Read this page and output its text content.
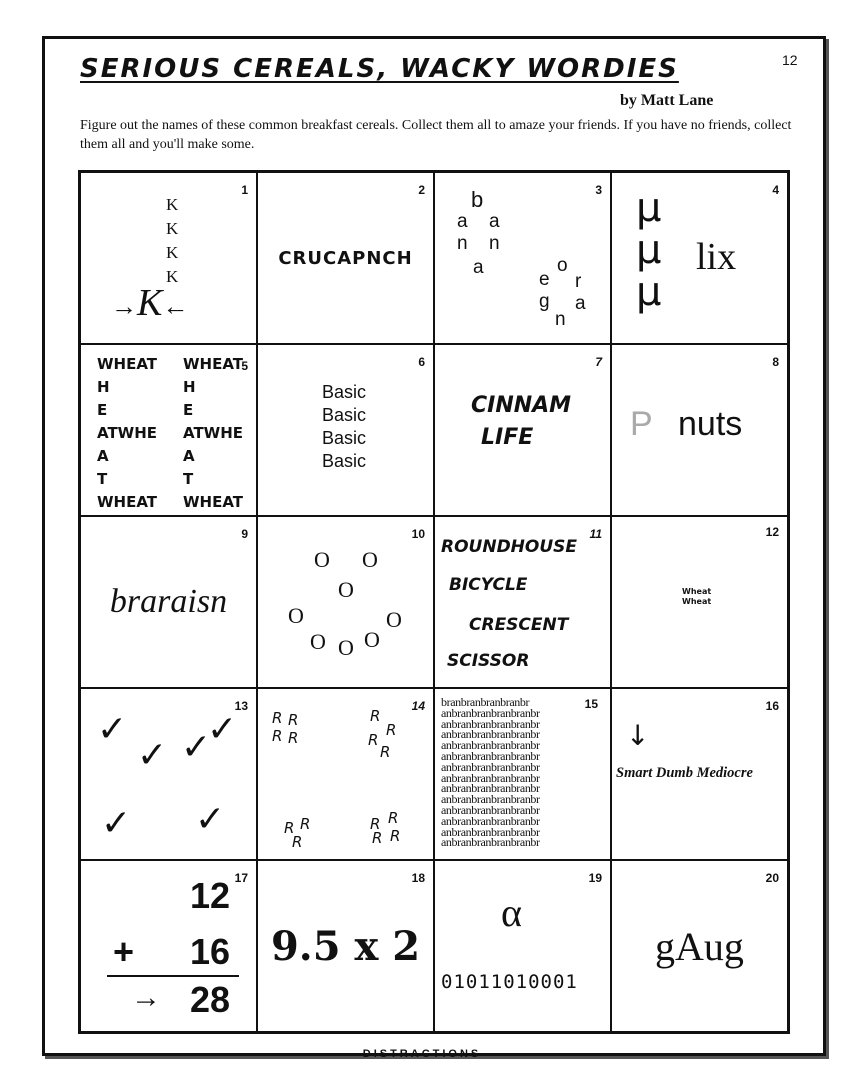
12
SERIOUS CEREALS, WACKY WORDIES
by Matt Lane
Figure out the names of these common breakfast cereals. Collect them all to amaze your friends. If you have no friends, collect them all and you'll make some.
1
K
K
K
K
→K←
2
CRUCAPNCH
3
b
a a
n n
a
e
o
r
g a
n
4
μ
μ
μ
lix
5
WHEAT
H
E
ATWHE
A
T
WHEAT
WHEAT
H
E
ATWHE
A
T
WHEAT
6
Basic
Basic
Basic
Basic
7
CINNAM
LIFE
8
P nuts
9
braraisn
10
O O
O
O	O
O O O
11
ROUNDHOUSE
BICYCLE
CRESCENT
SCISSOR
12
Wheat
Wheat
13
✓ ✓
✓ ✓
✓ ✓
14
R R
R R
R
R
R
R
R R
R
R R
R R
15
branbranbranbranbr
anbranbranbranbranbr
anbranbranbranbranbr
anbranbranbranbranbr
anbranbranbranbranbr
anbranbranbranbranbr
anbranbranbranbranbr
anbranbranbranbranbr
anbranbranbranbranbr
anbranbranbranbranbr
anbranbranbranbranbr
anbranbranbranbranbr
anbranbranbranbranbr
anbranbranbranbranbr
16
↓
Smart Dumb Mediocre
17
12
+ 16
→ 28
18
9.5 x 2
19
α
01011010001
20
gAug
DISTRACTIONS
